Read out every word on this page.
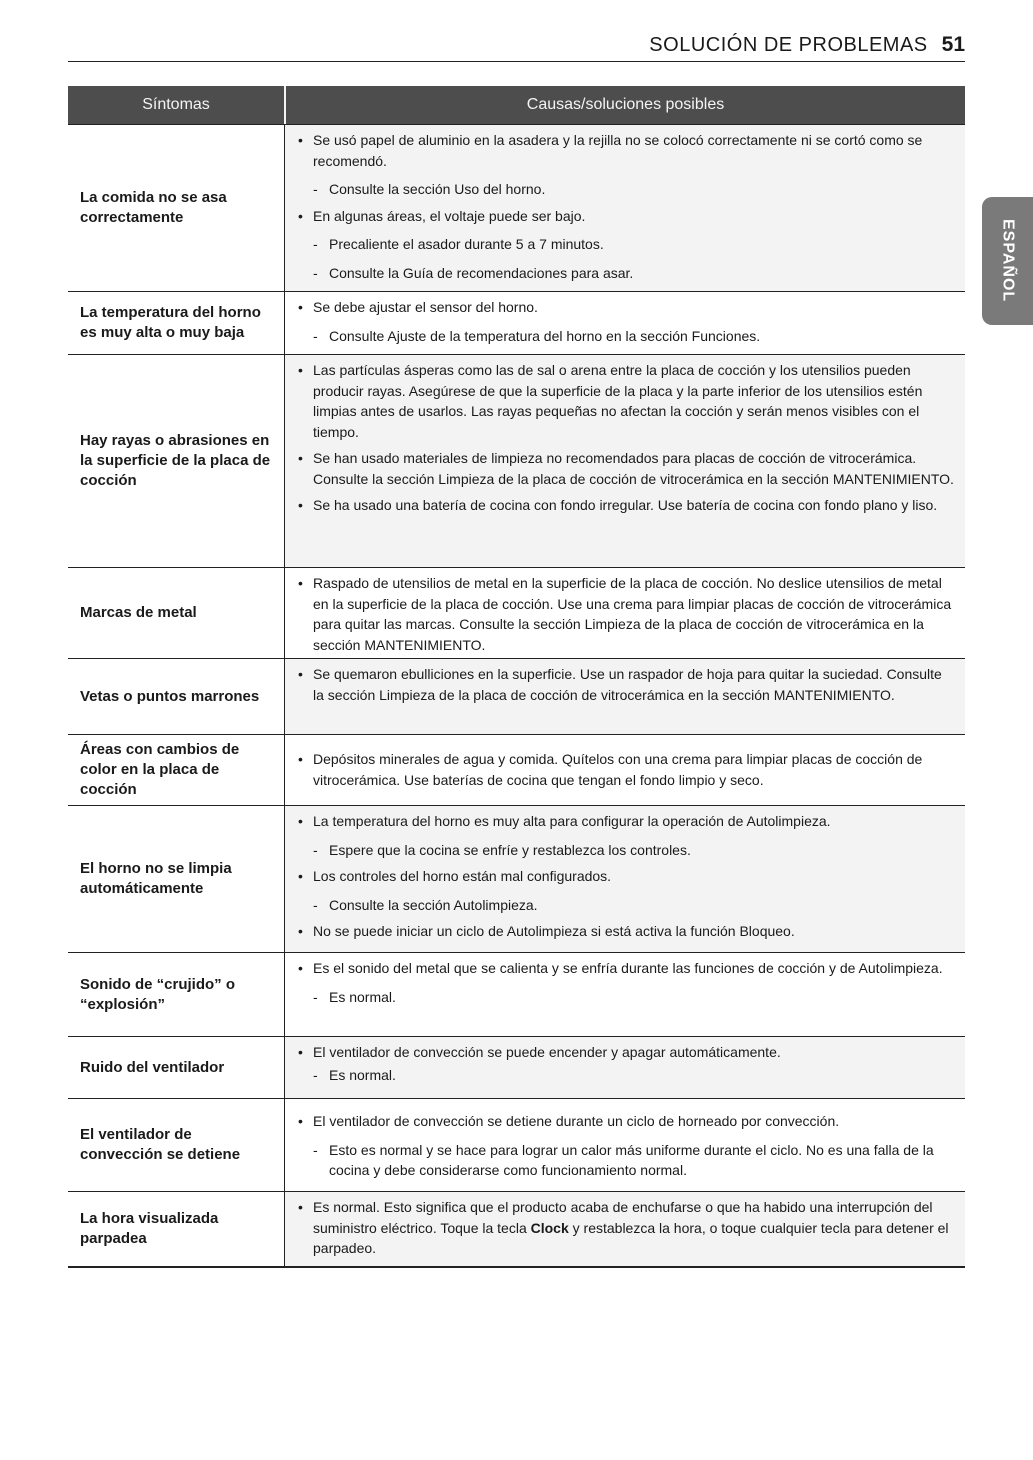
SOLUCIÓN DE PROBLEMAS 51
ESPAÑOL
Síntomas	Causas/soluciones posibles
La comida no se asa correctamente
• Se usó papel de aluminio en la asadera y la rejilla no se colocó correctamente ni se cortó como se recomendó.
- Consulte la sección Uso del horno.
• En algunas áreas, el voltaje puede ser bajo.
- Precaliente el asador durante 5 a 7 minutos.
- Consulte la Guía de recomendaciones para asar.
La temperatura del horno es muy alta o muy baja
• Se debe ajustar el sensor del horno.
- Consulte Ajuste de la temperatura del horno en la sección Funciones.
Hay rayas o abrasiones en la superficie de la placa de cocción
• Las partículas ásperas como las de sal o arena entre la placa de cocción y los utensilios pueden producir rayas. Asegúrese de que la superficie de la placa y la parte inferior de los utensilios estén limpias antes de usarlos. Las rayas pequeñas no afectan la cocción y serán menos visibles con el tiempo.
• Se han usado materiales de limpieza no recomendados para placas de cocción de vitrocerámica. Consulte la sección Limpieza de la placa de cocción de vitrocerámica en la sección MANTENIMIENTO.
• Se ha usado una batería de cocina con fondo irregular. Use batería de cocina con fondo plano y liso.
Marcas de metal
• Raspado de utensilios de metal en la superficie de la placa de cocción. No deslice utensilios de metal en la superficie de la placa de cocción. Use una crema para limpiar placas de cocción de vitrocerámica para quitar las marcas. Consulte la sección Limpieza de la placa de cocción de vitrocerámica en la sección MANTENIMIENTO.
Vetas o puntos marrones
• Se quemaron ebulliciones en la superficie. Use un raspador de hoja para quitar la suciedad. Consulte la sección Limpieza de la placa de cocción de vitrocerámica en la sección MANTENIMIENTO.
Áreas con cambios de color en la placa de cocción
• Depósitos minerales de agua y comida. Quítelos con una crema para limpiar placas de cocción de vitrocerámica. Use baterías de cocina que tengan el fondo limpio y seco.
El horno no se limpia automáticamente
• La temperatura del horno es muy alta para configurar la operación de Autolimpieza.
- Espere que la cocina se enfríe y restablezca los controles.
• Los controles del horno están mal configurados.
- Consulte la sección Autolimpieza.
• No se puede iniciar un ciclo de Autolimpieza si está activa la función Bloqueo.
Sonido de “crujido” o “explosión”
• Es el sonido del metal que se calienta y se enfría durante las funciones de cocción y de Autolimpieza.
- Es normal.
Ruido del ventilador
• El ventilador de convección se puede encender y apagar automáticamente.
- Es normal.
El ventilador de convección se detiene
• El ventilador de convección se detiene durante un ciclo de horneado por convección.
- Esto es normal y se hace para lograr un calor más uniforme durante el ciclo. No es una falla de la cocina y debe considerarse como funcionamiento normal.
La hora visualizada parpadea
• Es normal. Esto significa que el producto acaba de enchufarse o que ha habido una interrupción del suministro eléctrico. Toque la tecla Clock y restablezca la hora, o toque cualquier tecla para detener el parpadeo.
